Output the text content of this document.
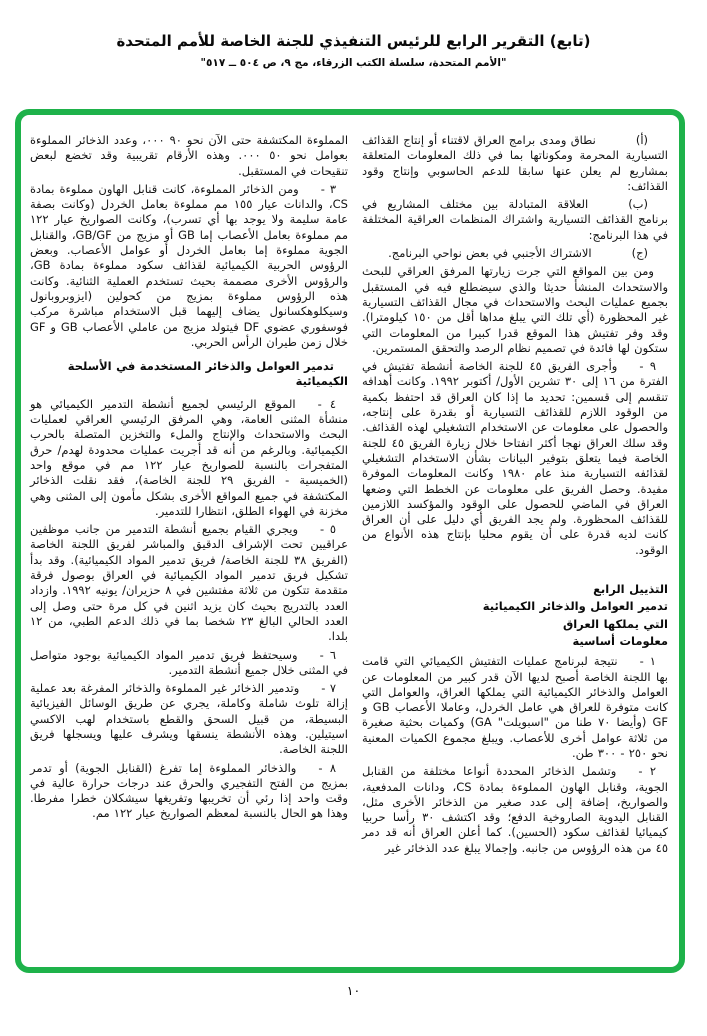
(تابع) التقرير الرابع للرئيس التنفيذي للجنة الخاصة للأمم المتحدة
"الأمم المتحدة، سلسلة الكتب الزرقاء، مج ٩، ص ٥٠٤ ــ ٥١٧"

(أ)نطاق ومدى برامج العراق لاقتناء أو إنتاج القذائف التسيارية المحرمة ومكوناتها بما في ذلك المعلومات المتعلقة بمشاريع لم يعلن عنها سابقا للدعم الحاسوبي وإنتاج وقود القذائف:

(ب)العلاقة المتبادلة بين مختلف المشاريع في برنامج القذائف التسيارية واشتراك المنظمات العراقية المختلفة في هذا البرنامج:

(ج)الاشتراك الأجنبي في بعض نواحي البرنامج.

ومن بين المواقع التي جرت زيارتها المرفق العراقي للبحث والاستحداث المنشأ حديثا والذي سيضطلع فيه في المستقبل بجميع عمليات البحث والاستحداث في مجال القذائف التسيارية غير المحظورة (أي تلك التي يبلغ مداها أقل من ١٥٠ كيلومترا). وقد وفر تفتيش هذا الموقع قدرا كبيرا من المعلومات التي ستكون لها فائدة في تصميم نظام الرصد والتحقق المستمرين.

٩ -وأجرى الفريق ٤٥ للجنة الخاصة أنشطة تفتيش في الفترة من ١٦ إلى ٣٠ تشرين الأول/ أكتوبر ١٩٩٢. وكانت أهدافه تنقسم إلى قسمين: تحديد ما إذا كان العراق قد احتفظ بكمية من الوقود اللازم للقذائف التسيارية أو بقدرة على إنتاجه، والحصول على معلومات عن الاستخدام التشغيلي لهذه القذائف. وقد سلك العراق نهجا أكثر انفتاحا خلال زيارة الفريق ٤٥ للجنة الخاصة فيما يتعلق بتوفير البيانات بشأن الاستخدام التشغيلي لقذائفه التسيارية منذ عام ١٩٨٠ وكانت المعلومات الموفرة مفيدة. وحصل الفريق على معلومات عن الخطط التي وضعها العراق في الماضي للحصول على الوقود والمؤكسد اللازمين للقذائف المحظورة. ولم يجد الفريق أي دليل على أن العراق كانت لديه قدرة على أن يقوم محليا بإنتاج هذه الأنواع من الوقود.

التذييل الرابع

تدمير العوامل والذخائر الكيميائية

التي يملكها العراق

معلومات أساسية

١ -نتيجة لبرنامج عمليات التفتيش الكيميائي التي قامت بها اللجنة الخاصة أصبح لديها الآن قدر كبير من المعلومات عن العوامل والذخائر الكيميائية التي يملكها العراق، والعوامل التي كانت متوفرة للعراق هي عامل الخردل، وعاملا الأعصاب GB و GF (وأيضا ٧٠ طنا من "اسبويلت" GA) وكميات بحثية صغيرة من ثلاثة عوامل أخرى للأعصاب. ويبلغ مجموع الكميات المعنية نحو ٢٥٠ - ٣٠٠ طن.

٢ -وتشمل الذخائر المحددة أنواعا مختلفة من القنابل الجوية، وقنابل الهاون المملوءة بمادة CS، ودانات المدفعية، والصواريخ، إضافة إلى عدد صغير من الذخائر الأخرى مثل، القنابل اليدوية الصاروخية الدفع؛ وقد اكتشف ٣٠ رأسا حربيا كيميائيا لقذائف سكود (الحسين). كما أعلن العراق أنه قد دمر ٤٥ من هذه الرؤوس من جانبه. وإجمالا يبلغ عدد الذخائر غير

المملوءة المكتشفة حتى الآن نحو ٩٠ ٠٠٠، وعدد الذخائر المملوءة بعوامل نحو ٥٠ ٠٠٠. وهذه الأرقام تقريبية وقد تخضع لبعض تنقيحات في المستقبل.

٣ -ومن الذخائر المملوءة، كانت قنابل الهاون مملوءة بمادة CS، والدانات عيار ١٥٥ مم مملوءة بعامل الخردل (وكانت بصفة عامة سليمة ولا يوجد بها أي تسرب)، وكانت الصواريخ عيار ١٢٢ مم مملوءة بعامل الأعصاب إما GB أو مزيج من GB/GF، والقنابل الجوية مملوءة إما بعامل الخردل أو عوامل الأعصاب. وبعض الرؤوس الحربية الكيميائية لقذائف سكود مملوءة بمادة GB، والرؤوس الأخرى مصممة بحيث تستخدم العملية الثنائية. وكانت هذه الرؤوس مملوءة بمزيج من كحولين (ايزوبروبانول وسيكلوهكسانول يضاف إليهما قبل الاستخدام مباشرة مركب فوسفوري عضوي DF فيتولد مزيج من عاملي الأعصاب GB و GF خلال زمن طيران الرأس الحربي.

تدمير العوامل والذخائر المستخدمة في الأسلحة الكيميائية

٤ -الموقع الرئيسي لجميع أنشطة التدمير الكيميائي هو منشأة المثنى العامة، وهي المرفق الرئيسي العراقي لعمليات البحث والاستحداث والإنتاج والملء والتخزين المتصلة بالحرب الكيميائية. وبالرغم من أنه قد أجريت عمليات محدودة لهدم/ حرق المتفجرات بالنسبة للصواريخ عيار ١٢٢ مم في موقع واحد (الخميسية - الفريق ٢٩ للجنة الخاصة)، فقد نقلت الذخائر المكتشفة في جميع المواقع الأخرى بشكل مأمون إلى المثنى وهي مخزنة في الهواء الطلق، انتظارا للتدمير.

٥ -ويجري القيام بجميع أنشطة التدمير من جانب موظفين عراقيين تحت الإشراف الدقيق والمباشر لفريق اللجنة الخاصة (الفريق ٣٨ للجنة الخاصة/ فريق تدمير المواد الكيميائية). وقد بدأ تشكيل فريق تدمير المواد الكيميائية في العراق بوصول فرقة متقدمة تتكون من ثلاثة مفتشين في ٨ حزيران/ يونيه ١٩٩٢. وازداد العدد بالتدريج بحيث كان يزيد اثنين في كل مرة حتى وصل إلى العدد الحالي البالغ ٢٣ شخصا بما في ذلك الدعم الطبي، من ١٢ بلدا.

٦ -وسيحتفظ فريق تدمير المواد الكيميائية بوجود متواصل في المثنى خلال جميع أنشطة التدمير.

٧ -وتدمير الذخائر غير المملوءة والذخائر المفرغة بعد عملية إزالة تلوث شاملة وكاملة، يجري عن طريق الوسائل الفيزيائية البسيطة، من قبيل السحق والقطع باستخدام لهب الاكسي اسيتيلين. وهذه الأنشطة ينسقها ويشرف عليها ويسجلها فريق اللجنة الخاصة.

٨ -والذخائر المملوءة إما تفرغ (القنابل الجوية) أو تدمر بمزيج من الفتح التفجيري والحرق عند درجات حرارة عالية في وقت واحد إذا رئي أن تخريبها وتفريغها سيشكلان خطرا مفرطا. وهذا هو الحال بالنسبة لمعظم الصواريخ عيار ١٢٢ مم.

١٠
